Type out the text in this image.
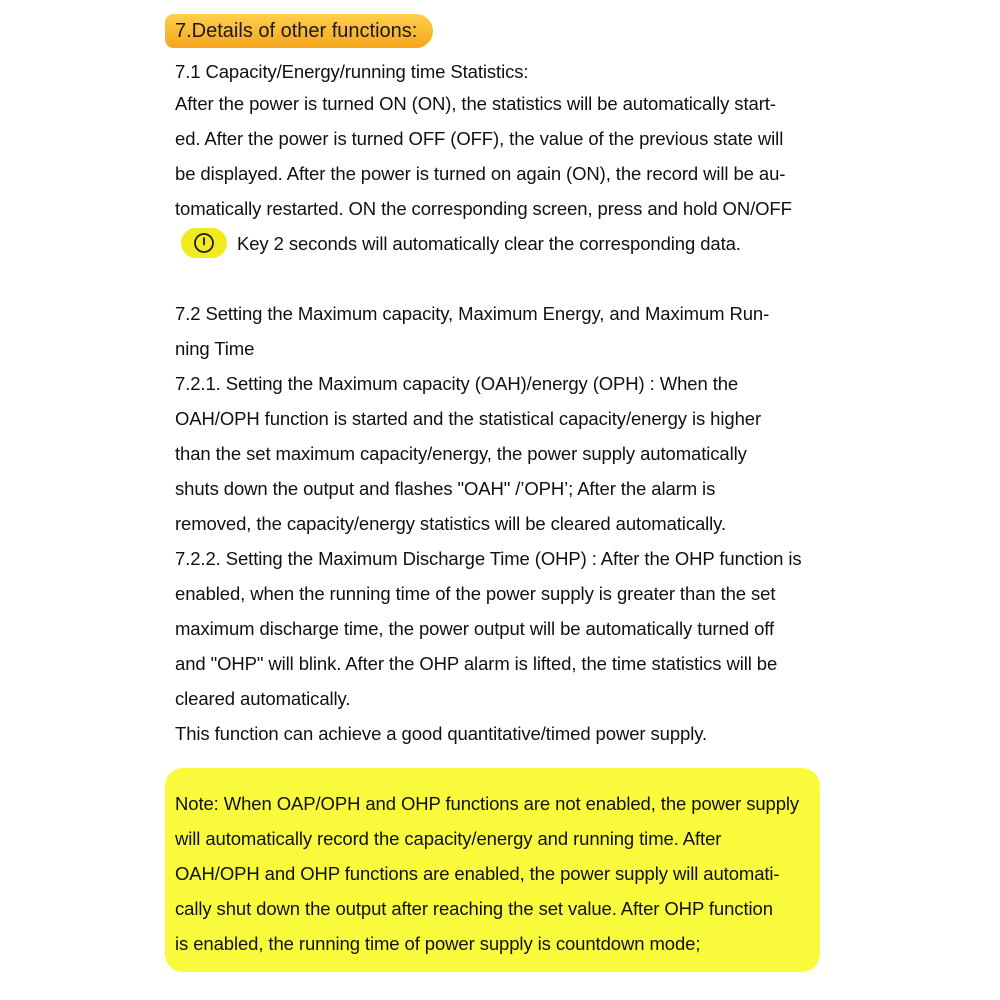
7.Details of other functions:
7.1 Capacity/Energy/running time Statistics:
After the power is turned ON (ON), the statistics will be automatically start-
ed. After the power is turned OFF (OFF), the value of the previous state will
be displayed. After the power is turned on again (ON), the record will be au-
tomatically restarted. ON the corresponding screen, press and hold ON/OFF
Key 2 seconds will automatically clear the corresponding data.
7.2 Setting the Maximum capacity, Maximum Energy, and Maximum Run-
ning Time
7.2.1. Setting the Maximum capacity (OAH)/energy (OPH) : When the
OAH/OPH function is started and the statistical capacity/energy is higher
than the set maximum capacity/energy, the power supply automatically
shuts down the output and flashes "OAH" /’OPH’; After the alarm is
removed, the capacity/energy statistics will be cleared automatically.
7.2.2. Setting the Maximum Discharge Time (OHP) : After the OHP function is
enabled, when the running time of the power supply is greater than the set
maximum discharge time, the power output will be automatically turned off
and "OHP" will blink. After the OHP alarm is lifted, the time statistics will be
cleared automatically.
This function can achieve a good quantitative/timed power supply.
Note: When OAP/OPH and OHP functions are not enabled, the power supply
will automatically record the capacity/energy and running time. After
OAH/OPH and OHP functions are enabled, the power supply will automati-
cally shut down the output after reaching the set value. After OHP function
is enabled, the running time of power supply is countdown mode;
